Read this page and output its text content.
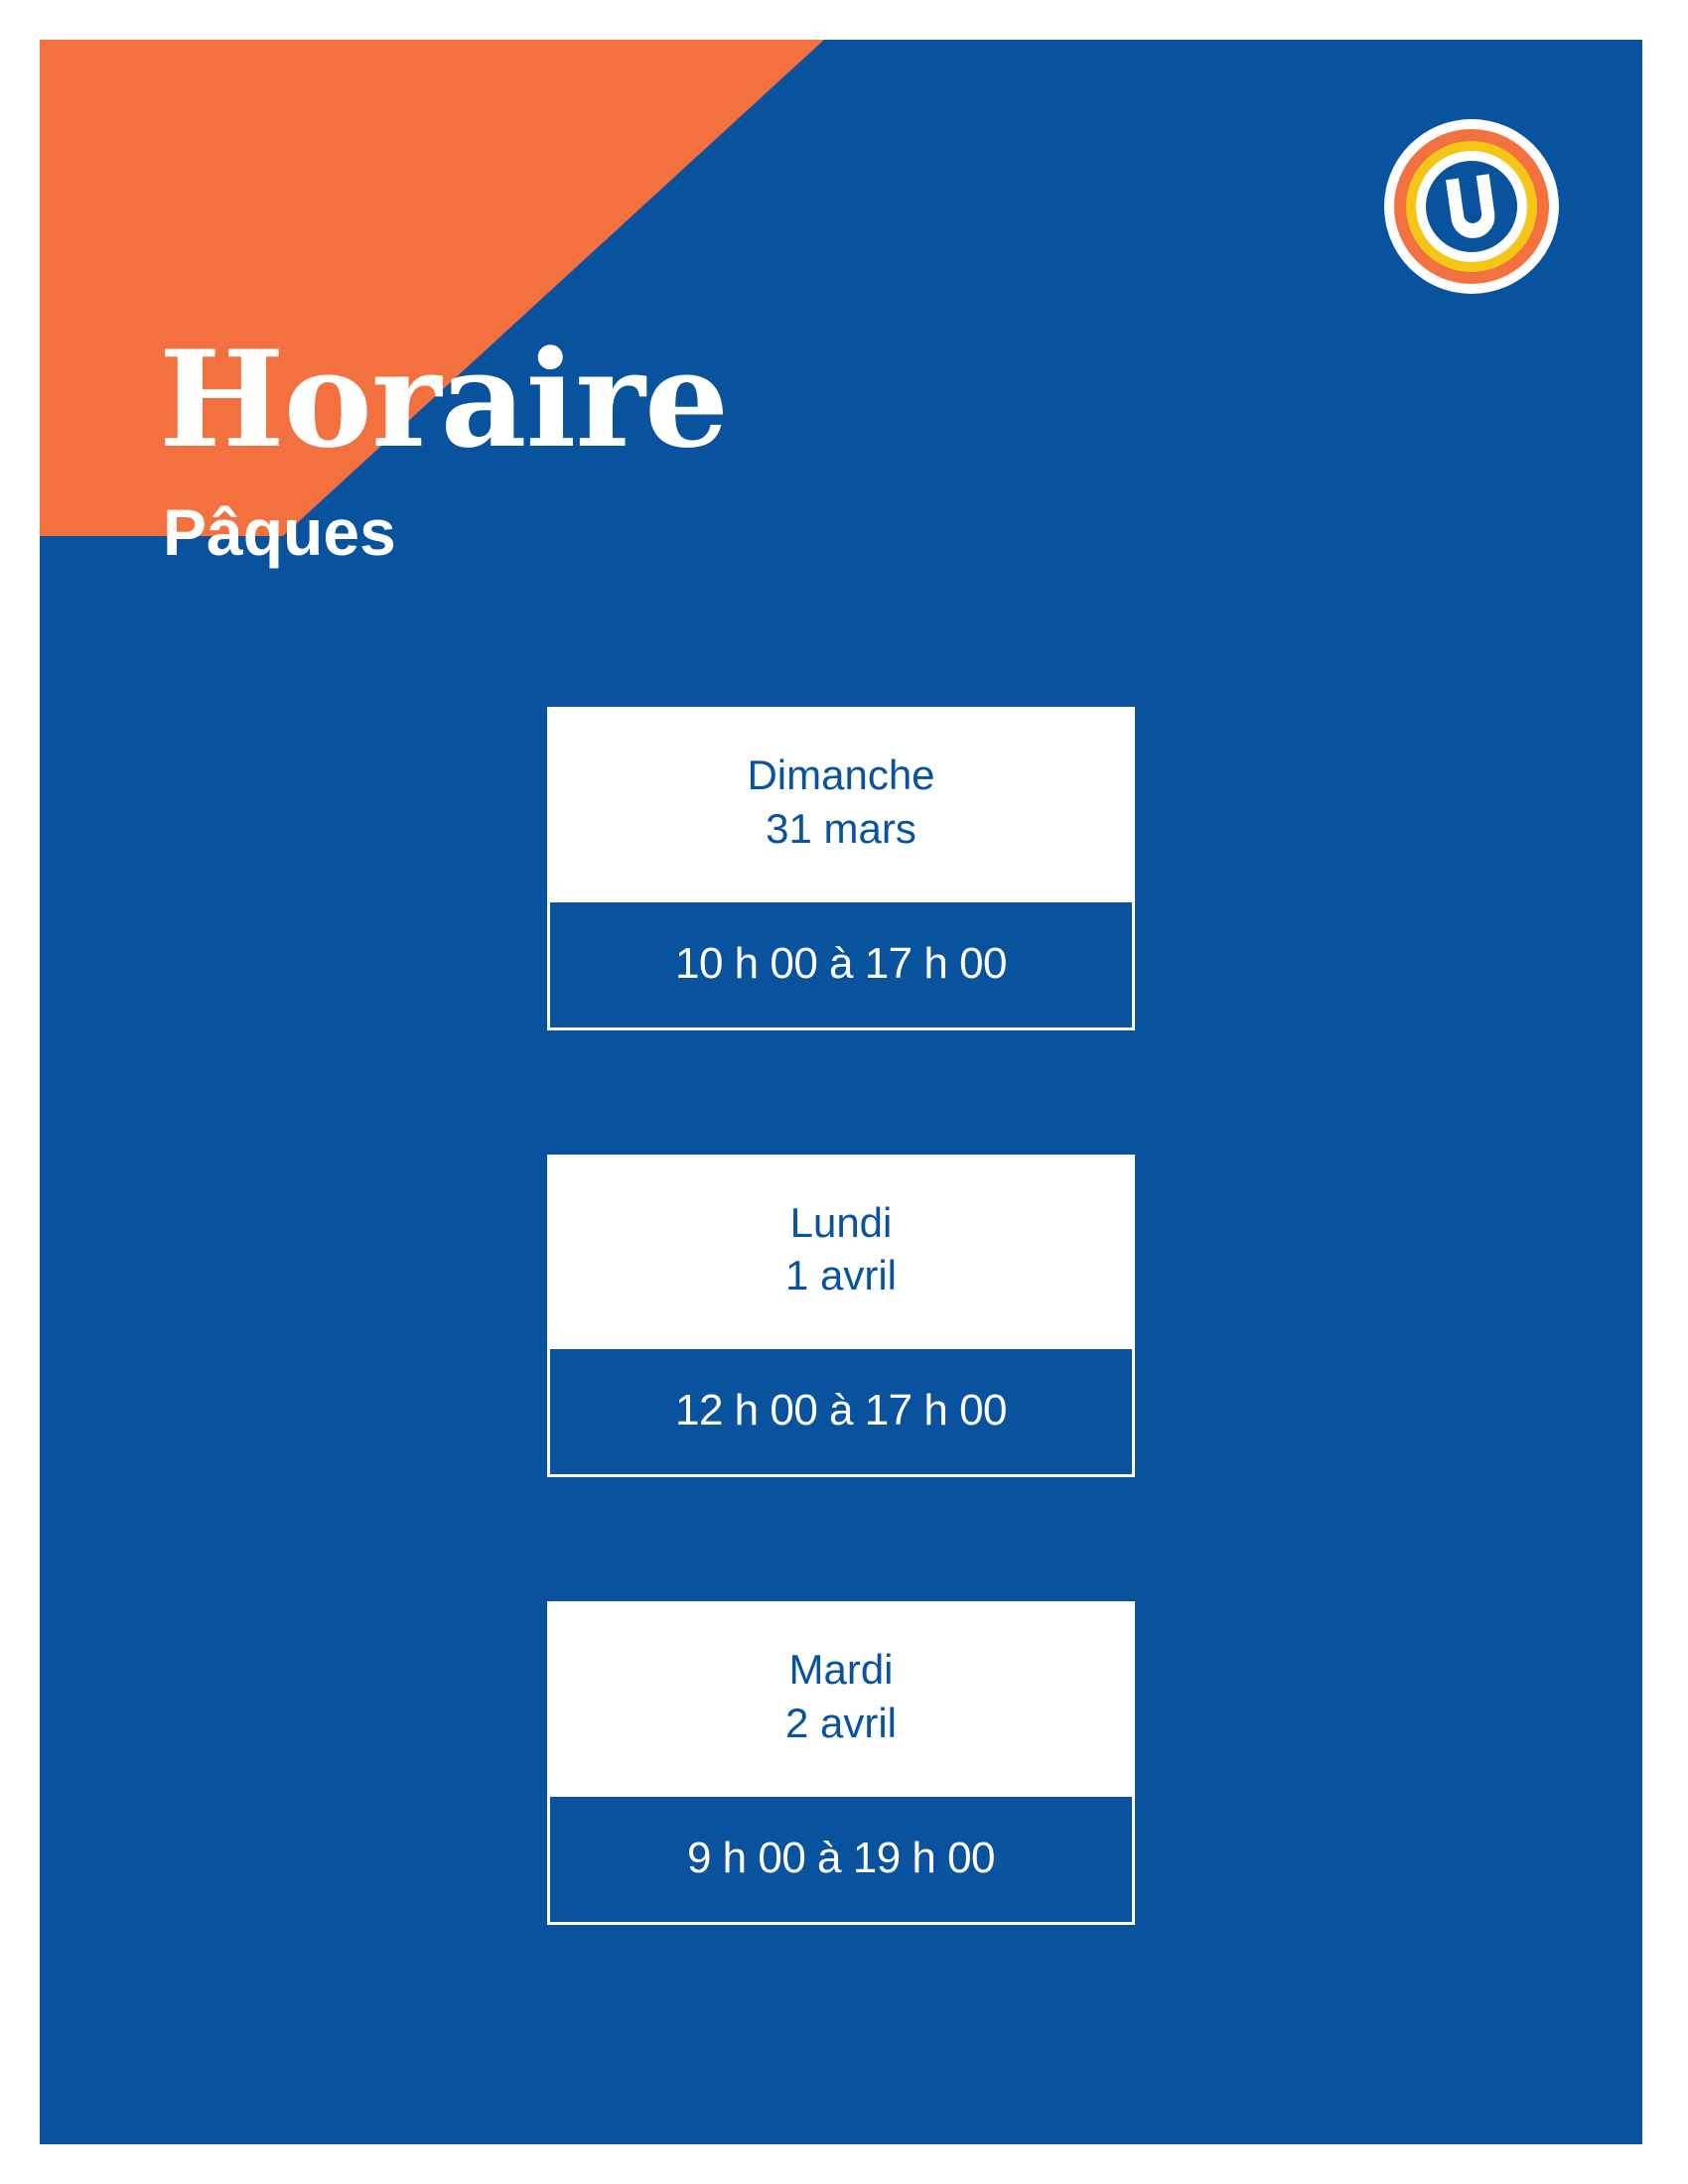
Horaire
Pâques
Dimanche
31 mars
10 h 00 à 17 h 00
Lundi
1 avril
12 h 00 à 17 h 00
Mardi
2 avril
9 h 00 à 19 h 00
